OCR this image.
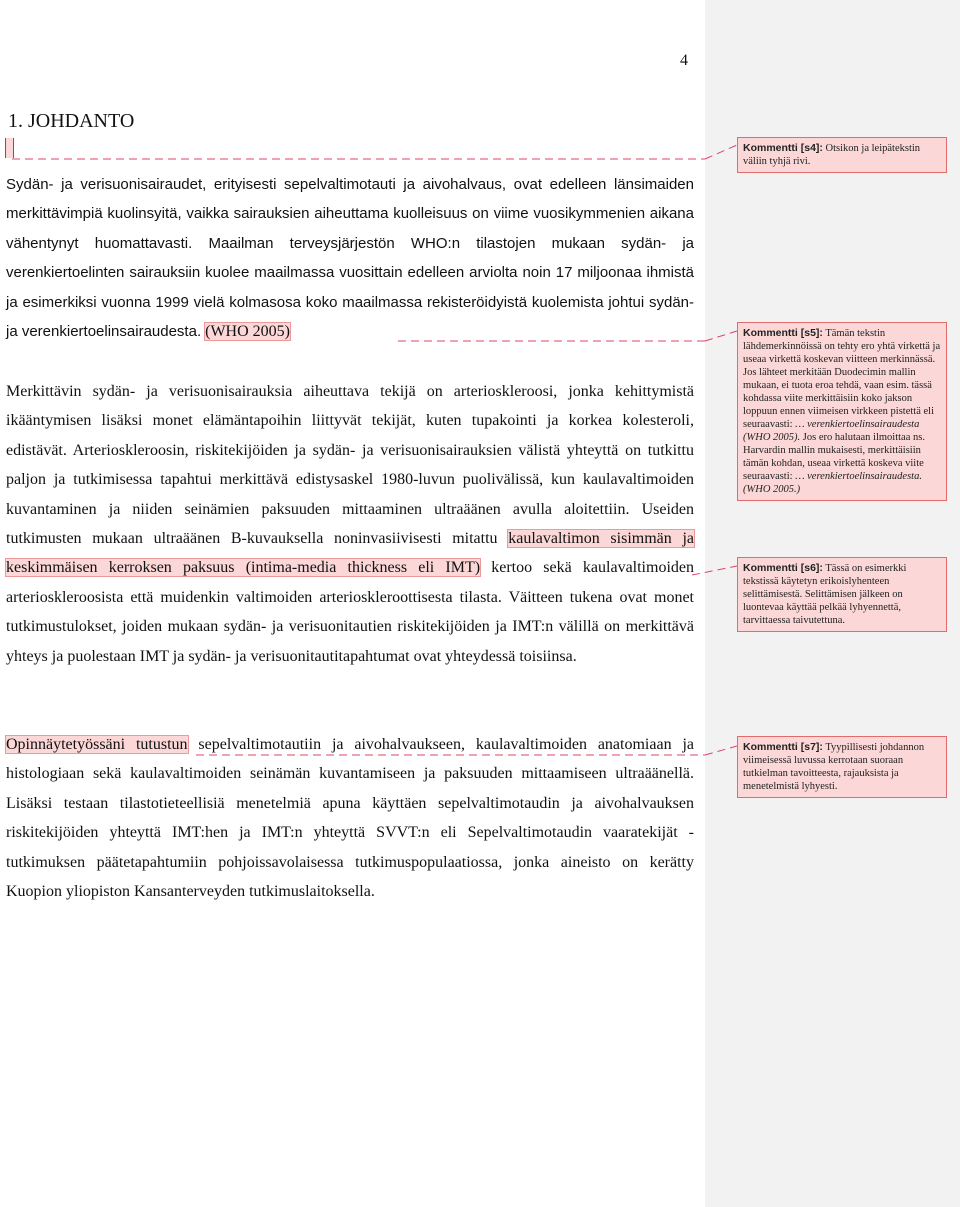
4
1. JOHDANTO

Sydän- ja verisuonisairaudet, erityisesti sepelvaltimotauti ja aivohalvaus, ovat edelleen länsimaiden merkittävimpiä kuolinsyitä, vaikka sairauksien aiheuttama kuolleisuus on viime vuosikymmenien aikana vähentynyt huomattavasti. Maailman terveysjärjestön WHO:n tilastojen mukaan sydän- ja verenkiertoelinten sairauksiin kuolee maailmassa vuosittain edelleen arviolta noin 17 miljoonaa ihmistä ja esimerkiksi vuonna 1999 vielä kolmasosa koko maailmassa rekisteröidyistä kuolemista johtui sydän- ja verenkiertoelinsairaudesta. (WHO 2005)

Merkittävin sydän- ja verisuonisairauksia aiheuttava tekijä on arterioskleroosi, jonka kehittymistä ikääntymisen lisäksi monet elämäntapoihin liittyvät tekijät, kuten tupakointi ja korkea kolesteroli, edistävät. Arterioskleroosin, riskitekijöiden ja sydän- ja verisuonisairauksien välistä yhteyttä on tutkittu paljon ja tutkimisessa tapahtui merkittävä edistysaskel 1980-luvun puolivälissä, kun kaulavaltimoiden kuvantaminen ja niiden seinämien paksuuden mittaaminen ultraäänen avulla aloitettiin. Useiden tutkimusten mukaan ultraäänen B-kuvauksella noninvasiivisesti mitattu kaulavaltimon sisimmän ja keskimmäisen kerroksen paksuus (intima-media thickness eli IMT) kertoo sekä kaulavaltimoiden arterioskleroosista että muidenkin valtimoiden arterioskleroottisesta tilasta. Väitteen tukena ovat monet tutkimustulokset, joiden mukaan sydän- ja verisuonitautien riskitekijöiden ja IMT:n välillä on merkittävä yhteys ja puolestaan IMT ja sydän- ja verisuonitautitapahtumat ovat yhteydessä toisiinsa.

Opinnäytetyössäni tutustun sepelvaltimotautiin ja aivohalvaukseen, kaulavaltimoiden anatomiaan ja histologiaan sekä kaulavaltimoiden seinämän kuvantamiseen ja paksuuden mittaamiseen ultraäänellä. Lisäksi testaan tilastotieteellisiä menetelmiä apuna käyttäen sepelvaltimotaudin ja aivohalvauksen riskitekijöiden yhteyttä IMT:hen ja IMT:n yhteyttä SVVT:n eli Sepelvaltimotaudin vaaratekijät -tutkimuksen päätetapahtumiin pohjoissavolaisessa tutkimuspopulaatiossa, jonka aineisto on kerätty Kuopion yliopiston Kansanterveyden tutkimuslaitoksella.

Kommentti [s4]: Otsikon ja leipätekstin väliin tyhjä rivi.
Kommentti [s5]: Tämän tekstin lähdemerkinnöissä on tehty ero yhtä virkettä ja useaa virkettä koskevan viitteen merkinnässä. Jos lähteet merkitään Duodecimin mallin mukaan, ei tuota eroa tehdä, vaan esim. tässä kohdassa viite merkittäisiin koko jakson loppuun ennen viimeisen virkkeen pistettä eli seuraavasti: … verenkiertoelinsairaudesta (WHO 2005). Jos ero halutaan ilmoittaa ns. Harvardin mallin mukaisesti, merkittäisiin tämän kohdan, useaa virkettä koskeva viite seuraavasti: … verenkiertoelinsairaudesta. (WHO 2005.)
Kommentti [s6]: Tässä on esimerkki tekstissä käytetyn erikoislyhenteen selittämisestä. Selittämisen jälkeen on luontevaa käyttää pelkää lyhyennettä, tarvittaessa taivutettuna.
Kommentti [s7]: Tyypillisesti johdannon viimeisessä luvussa kerrotaan suoraan tutkielman tavoitteesta, rajauksista ja menetelmistä lyhyesti.
